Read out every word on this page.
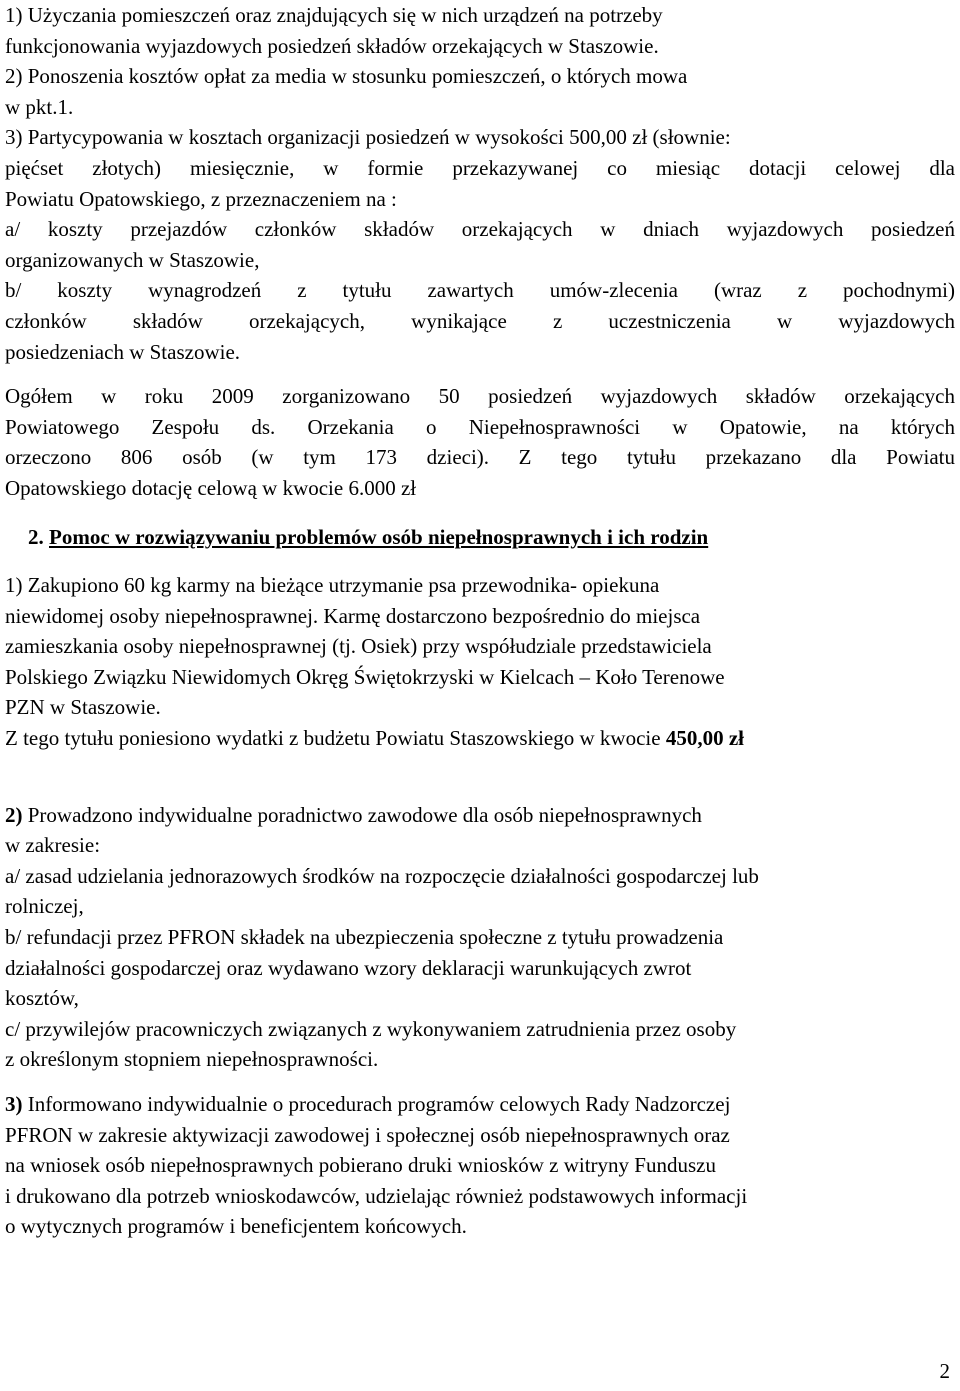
1) Użyczania pomieszczeń oraz znajdujących się w nich urządzeń na potrzeby
funkcjonowania wyjazdowych posiedzeń składów orzekających w Staszowie.
2) Ponoszenia kosztów opłat za media w stosunku pomieszczeń, o których mowa
w pkt.1.
3) Partycypowania w kosztach organizacji posiedzeń w wysokości 500,00 zł (słownie:
pięćset złotych) miesięcznie, w formie przekazywanej co miesiąc dotacji celowej dla
Powiatu Opatowskiego, z przeznaczeniem na :
a/ koszty przejazdów członków składów orzekających w dniach wyjazdowych posiedzeń
organizowanych w Staszowie,
b/ koszty wynagrodzeń z tytułu zawartych umów-zlecenia (wraz z pochodnymi)
członków składów orzekających, wynikające z uczestniczenia w wyjazdowych
posiedzeniach w Staszowie.
Ogółem w roku 2009 zorganizowano 50 posiedzeń wyjazdowych składów orzekających
Powiatowego Zespołu ds. Orzekania o Niepełnosprawności w Opatowie, na których
orzeczono 806 osób (w tym 173 dzieci). Z tego tytułu przekazano dla Powiatu
Opatowskiego dotację celową w kwocie 6.000 zł
2. Pomoc w rozwiązywaniu problemów osób niepełnosprawnych i ich rodzin
1) Zakupiono 60 kg karmy na bieżące utrzymanie psa przewodnika- opiekuna
niewidomej osoby niepełnosprawnej. Karmę dostarczono bezpośrednio do miejsca
zamieszkania osoby niepełnosprawnej (tj. Osiek) przy współudziale przedstawiciela
Polskiego Związku Niewidomych Okręg Świętokrzyski w Kielcach – Koło Terenowe
PZN w Staszowie.
Z tego tytułu poniesiono wydatki z budżetu Powiatu Staszowskiego w kwocie 450,00 zł
2) Prowadzono indywidualne poradnictwo zawodowe dla osób niepełnosprawnych
w zakresie:
a/ zasad udzielania jednorazowych środków na rozpoczęcie działalności gospodarczej lub
rolniczej,
b/ refundacji przez PFRON składek na ubezpieczenia społeczne z tytułu prowadzenia
działalności gospodarczej oraz wydawano wzory deklaracji warunkujących zwrot
kosztów,
c/ przywilejów pracowniczych związanych z wykonywaniem zatrudnienia przez osoby
z określonym stopniem niepełnosprawności.
3) Informowano indywidualnie o procedurach programów celowych Rady Nadzorczej
PFRON w zakresie aktywizacji zawodowej i społecznej osób niepełnosprawnych oraz
na wniosek osób niepełnosprawnych pobierano druki wniosków z witryny Funduszu
i drukowano dla potrzeb wnioskodawców, udzielając również podstawowych informacji
o wytycznych programów i beneficjentem końcowych.
2
